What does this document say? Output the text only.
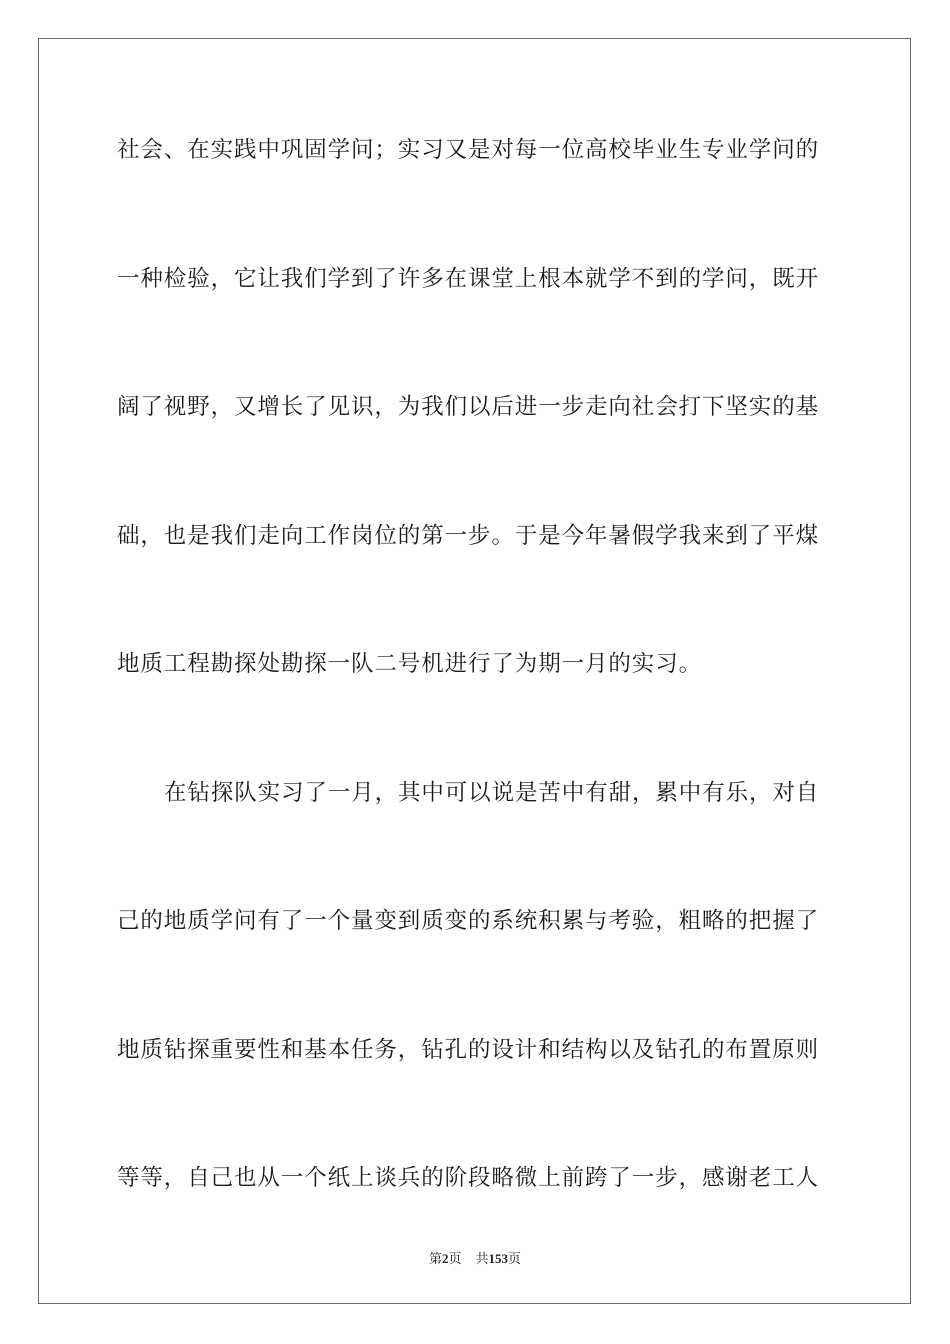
社会、在实践中巩固学问；实习又是对每一位高校毕业生专业学问的
一种检验，它让我们学到了许多在课堂上根本就学不到的学问，既开
阔了视野，又增长了见识，为我们以后进一步走向社会打下坚实的基
础，也是我们走向工作岗位的第一步。于是今年暑假学我来到了平煤
地质工程勘探处勘探一队二号机进行了为期一月的实习。
在钻探队实习了一月，其中可以说是苦中有甜，累中有乐，对自
己的地质学问有了一个量变到质变的系统积累与考验，粗略的把握了
地质钻探重要性和基本任务，钻孔的设计和结构以及钻孔的布置原则
等等，自己也从一个纸上谈兵的阶段略微上前跨了一步，感谢老工人
第2页 共153页
